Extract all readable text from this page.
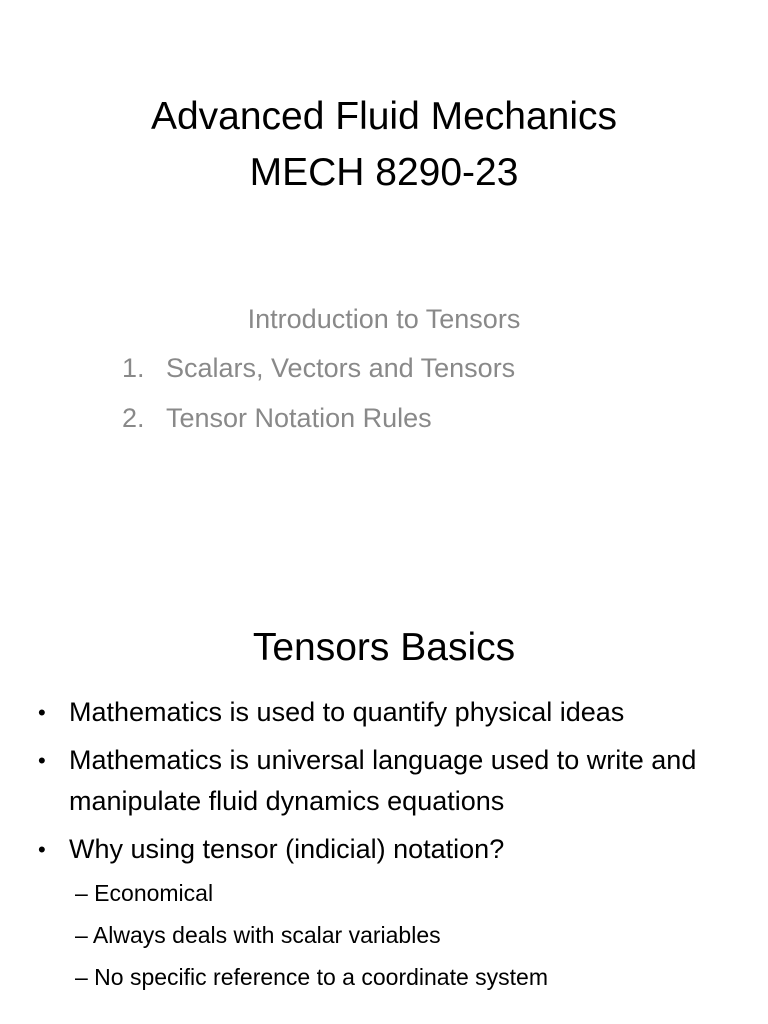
Advanced Fluid Mechanics
MECH 8290-23
Introduction to Tensors
1. Scalars, Vectors and Tensors
2. Tensor Notation Rules
Tensors Basics
• Mathematics is used to quantify physical ideas
• Mathematics is universal language used to write and manipulate fluid dynamics equations
• Why using tensor (indicial) notation?
– Economical
– Always deals with scalar variables
– No specific reference to a coordinate system
